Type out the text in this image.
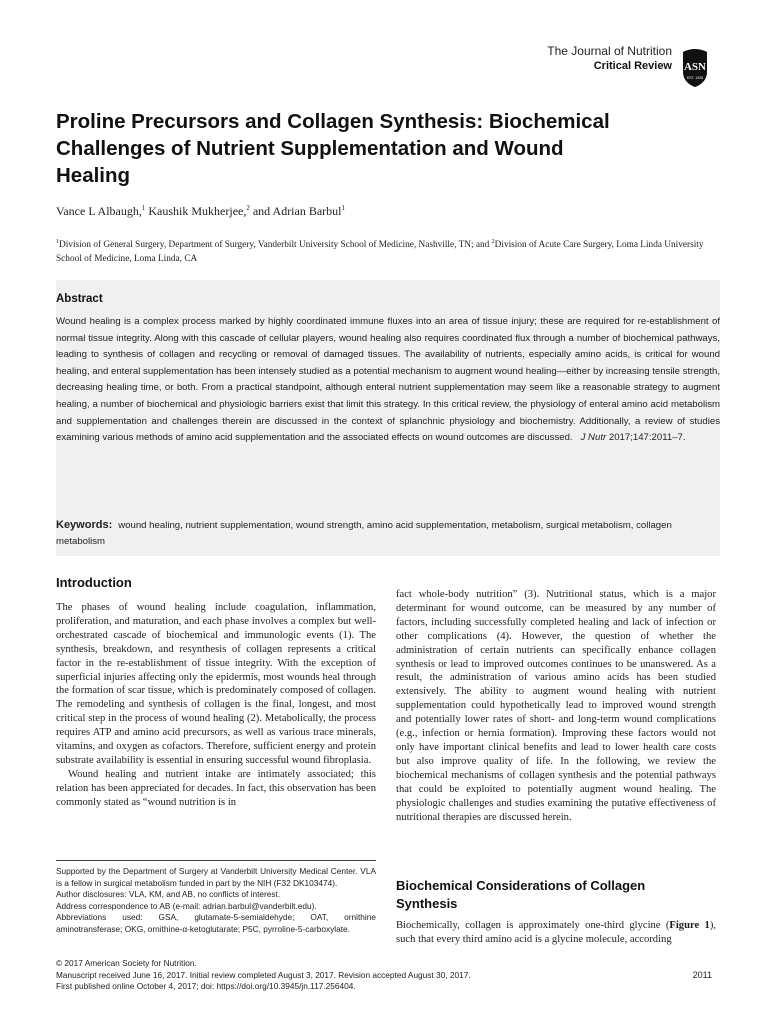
The Journal of Nutrition
Critical Review ASN
EST. 1928
Proline Precursors and Collagen Synthesis: Biochemical Challenges of Nutrient Supplementation and Wound Healing
Vance L Albaugh,$^1$ Kaushik Mukherjee,$^2$ and Adrian Barbul$^1$
$^1$Division of General Surgery, Department of Surgery, Vanderbilt University School of Medicine, Nashville, TN; and $^2$Division of Acute Care Surgery, Loma Linda University School of Medicine, Loma Linda, CA
Abstract
Wound healing is a complex process marked by highly coordinated immune fluxes into an area of tissue injury; these are required for re-establishment of normal tissue integrity. Along with this cascade of cellular players, wound healing also requires coordinated flux through a number of biochemical pathways, leading to synthesis of collagen and recycling or removal of damaged tissues. The availability of nutrients, especially amino acids, is critical for wound healing, and enteral supplementation has been intensely studied as a potential mechanism to augment wound healing—either by increasing tensile strength, decreasing healing time, or both. From a practical standpoint, although enteral nutrient supplementation may seem like a reasonable strategy to augment healing, a number of biochemical and physiologic barriers exist that limit this strategy. In this critical review, the physiology of enteral amino acid metabolism and supplementation and challenges therein are discussed in the context of splanchnic physiology and biochemistry. Additionally, a review of studies examining various methods of amino acid supplementation and the associated effects on wound outcomes are discussed. J Nutr 2017;147:2011–7.
Keywords: wound healing, nutrient supplementation, wound strength, amino acid supplementation, metabolism, surgical metabolism, collagen metabolism
Introduction

The phases of wound healing include coagulation, inflammation, proliferation, and maturation, and each phase involves a complex but well-orchestrated cascade of biochemical and immunologic events (1). The synthesis, breakdown, and resynthesis of collagen represents a critical factor in the re-establishment of tissue integrity. With the exception of superficial injuries affecting only the epidermis, most wounds heal through the formation of scar tissue, which is predominately composed of collagen. The remodeling and synthesis of collagen is the final, longest, and most critical step in the process of wound healing (2). Metabolically, the process requires ATP and amino acid precursors, as well as various trace minerals, vitamins, and oxygen as cofactors. Therefore, sufficient energy and protein substrate availability is essential in ensuring successful wound fibroplasia.

Wound healing and nutrient intake are intimately associated; this relation has been appreciated for decades. In fact, this observation has been commonly stated as “wound nutrition is in

Supported by the Department of Surgery at Vanderbilt University Medical Center. VLA is a fellow in surgical metabolism funded in part by the NIH (F32 DK103474).

Author disclosures: VLA, KM, and AB, no conflicts of interest.

Address correspondence to AB (e-mail: adrian.barbul@vanderbilt.edu).

Abbreviations used: GSA, glutamate-5-semialdehyde; OAT, ornithine aminotransferase; OKG, ornithine-α-ketoglutarate; P5C, pyrroline-5-carboxylate.

fact whole-body nutrition” (3). Nutritional status, which is a major determinant for wound outcome, can be measured by any number of factors, including successfully completed healing and lack of infection or other complications (4). However, the question of whether the administration of certain nutrients can specifically enhance collagen synthesis or lead to improved outcomes continues to be unanswered. As a result, the administration of various amino acids has been studied extensively. The ability to augment wound healing with nutrient supplementation could hypothetically lead to improved wound strength and potentially lower rates of short- and long-term wound complications (e.g., infection or hernia formation). Improving these factors would not only have important clinical benefits and lead to lower health care costs but also improve quality of life. In the following, we review the biochemical mechanisms of collagen synthesis and the potential pathways that could be exploited to potentially augment wound healing. The physiologic challenges and studies examining the putative effectiveness of nutritional therapies are discussed herein.

Biochemical Considerations of Collagen Synthesis

Biochemically, collagen is approximately one-third glycine (Figure 1), such that every third amino acid is a glycine molecule, according

© 2017 American Society for Nutrition.

Manuscript received June 16, 2017. Initial review completed August 3, 2017. Revision accepted August 30, 2017.

First published online October 4, 2017; doi: https://doi.org/10.3945/jn.117.256404.

2011
